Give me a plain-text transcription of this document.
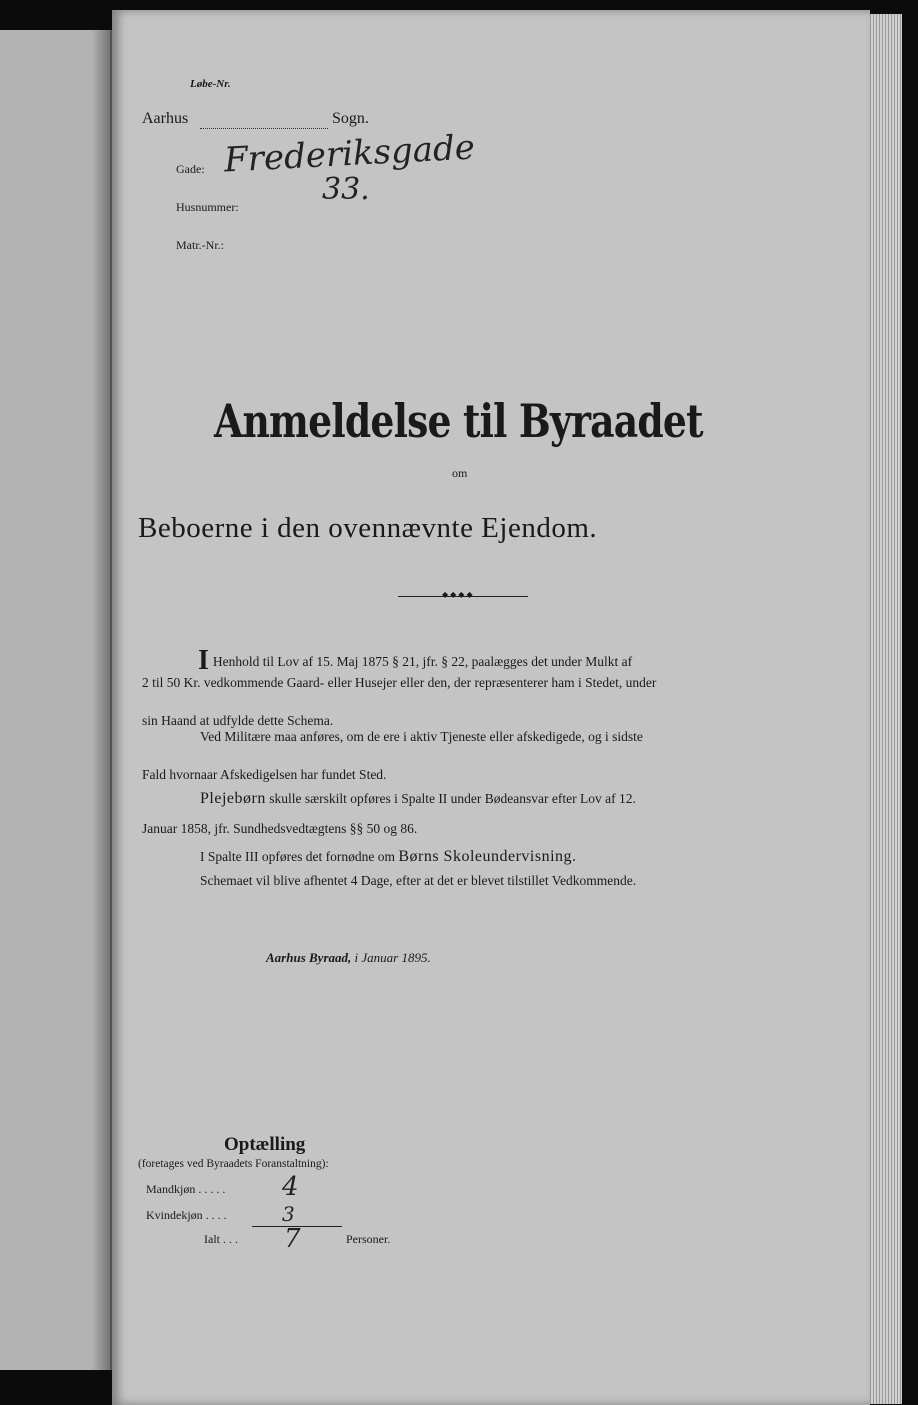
Løbe-Nr.
Aarhus	Sogn.
Gade: Frederiksgade
Husnummer:	33.
Matr.-Nr.:
Anmeldelse til Byraadet
om
Beboerne i den ovennævnte Ejendom.
◆◆◆◆
I Henhold til Lov af 15. Maj 1875 § 21, jfr. § 22, paalægges det under Mulkt af
2 til 50 Kr. vedkommende Gaard- eller Husejer eller den, der repræsenterer ham i Stedet, under
sin Haand at udfylde dette Schema.
Ved Militære maa anføres, om de ere i aktiv Tjeneste eller afskedigede, og i sidste
Fald hvornaar Afskedigelsen har fundet Sted.
Plejebørn skulle særskilt opføres i Spalte II under Bødeansvar efter Lov af 12.
Januar 1858, jfr. Sundhedsvedtægtens §§ 50 og 86.
I Spalte III opføres det fornødne om Børns Skoleundervisning.
Schemaet vil blive afhentet 4 Dage, efter at det er blevet tilstillet Vedkommende.
Aarhus Byraad, i Januar 1895.
Optælling
(foretages ved Byraadets Foranstaltning):
Mandkjøn . . . . . 4
Kvindekjøn . . . .	3
Ialt . . . 7	Personer.
